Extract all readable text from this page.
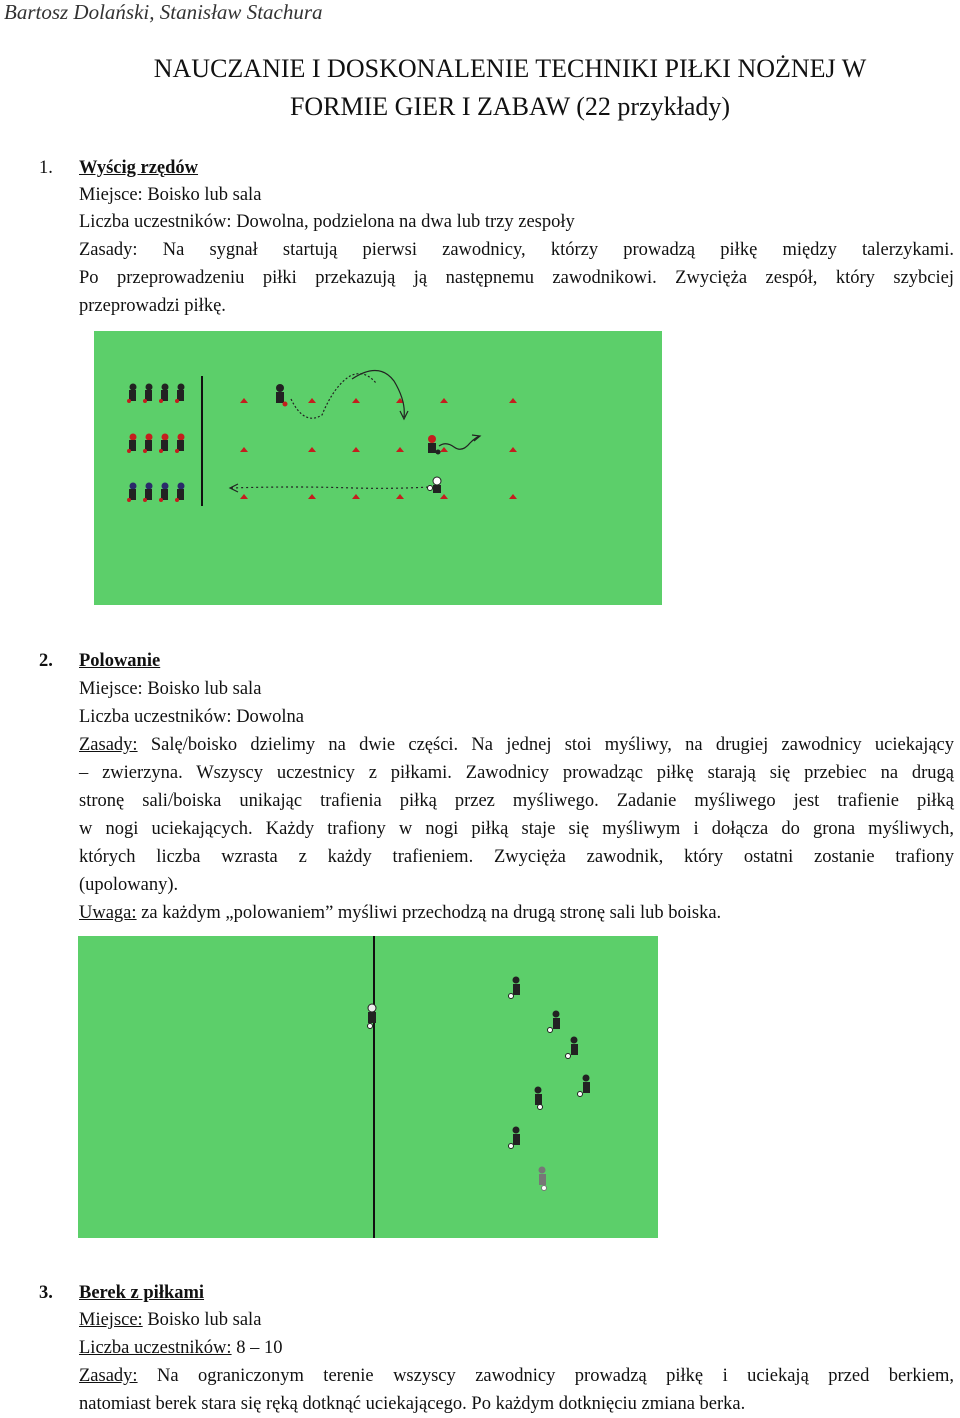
Bartosz Dolański, Stanisław Stachura
NAUCZANIE I DOSKONALENIE TECHNIKI PIŁKI NOŻNEJ W
FORMIE GIER I ZABAW (22 przykłady)
1. Wyścig rzędów
Miejsce: Boisko lub sala
Liczba uczestników: Dowolna, podzielona na dwa lub trzy zespoły
Zasady: Na sygnał startują pierwsi zawodnicy, którzy prowadzą piłkę między talerzykami.
Po przeprowadzeniu piłki przekazują ją następnemu zawodnikowi. Zwycięża zespół, który szybciej
przeprowadzi piłkę.
2. Polowanie
Miejsce: Boisko lub sala
Liczba uczestników: Dowolna
Zasady: Salę/boisko dzielimy na dwie części. Na jednej stoi myśliwy, na drugiej zawodnicy uciekający
– zwierzyna. Wszyscy uczestnicy z piłkami. Zawodnicy prowadząc piłkę starają się przebiec na drugą
stronę sali/boiska unikając trafienia piłką przez myśliwego. Zadanie myśliwego jest trafienie piłką
w nogi uciekających. Każdy trafiony w nogi piłką staje się myśliwym i dołącza do grona myśliwych,
których liczba wzrasta z każdy trafieniem. Zwycięża zawodnik, który ostatni zostanie trafiony
(upolowany).
Uwaga: za każdym „polowaniem” myśliwi przechodzą na drugą stronę sali lub boiska.
3. Berek z piłkami
Miejsce: Boisko lub sala
Liczba uczestników: 8 – 10
Zasady: Na ograniczonym terenie wszyscy zawodnicy prowadzą piłkę i uciekają przed berkiem,
natomiast berek stara się ręką dotknąć uciekającego. Po każdym dotknięciu zmiana berka.
